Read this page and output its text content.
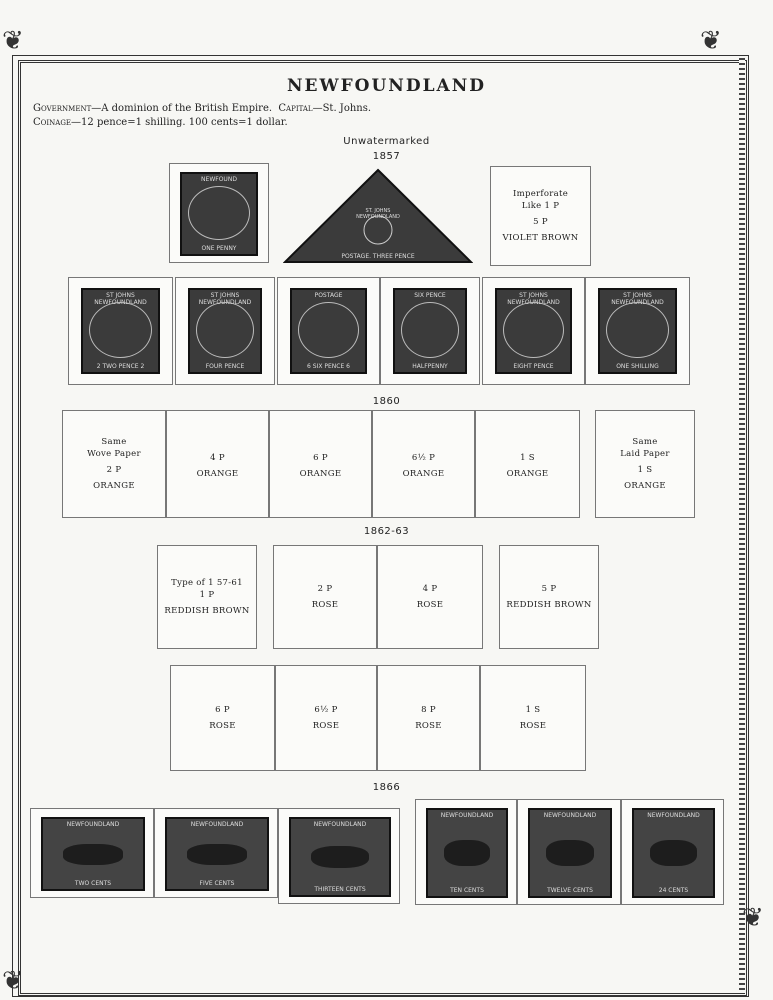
❦	❦
❦
❦
NEWFOUNDLAND
Government—A dominion of the British Empire. Capital—St. Johns.
Coinage—12 pence=1 shilling. 100 cents=1 dollar.
Unwatermarked
1857
NEWFOUND
ONE PENNY
POSTAGE. THREE PENCE
ST. JOHNS NEWFOUNDLAND
Imperforate
Like 1 P
5 P
VIOLET BROWN
ST JOHNS NEWFOUNDLAND
2 TWO PENCE 2
ST JOHNS NEWFOUNDLAND
FOUR PENCE
POSTAGE
6 SIX PENCE 6
SIX PENCE
HALFPENNY
ST JOHNS NEWFOUNDLAND
EIGHT PENCE
ST JOHNS NEWFOUNDLAND
ONE SHILLING
1860
Same
Wove Paper
2 P
ORANGE
4 P
ORANGE
6 P
ORANGE
6½ P
ORANGE
1 S
ORANGE
Same
Laid Paper
1 S
ORANGE
1862-63
Type of 1 57-61
1 P
REDDISH BROWN
2 P
ROSE
4 P
ROSE
5 P
REDDISH BROWN
6 P
ROSE
6½ P
ROSE
8 P
ROSE
1 S
ROSE
1866
NEWFOUNDLAND
TWO CENTS
NEWFOUNDLAND
FIVE CENTS
NEWFOUNDLAND
THIRTEEN CENTS
NEWFOUNDLAND
TEN CENTS
NEWFOUNDLAND
TWELVE CENTS
NEWFOUNDLAND
24 CENTS
